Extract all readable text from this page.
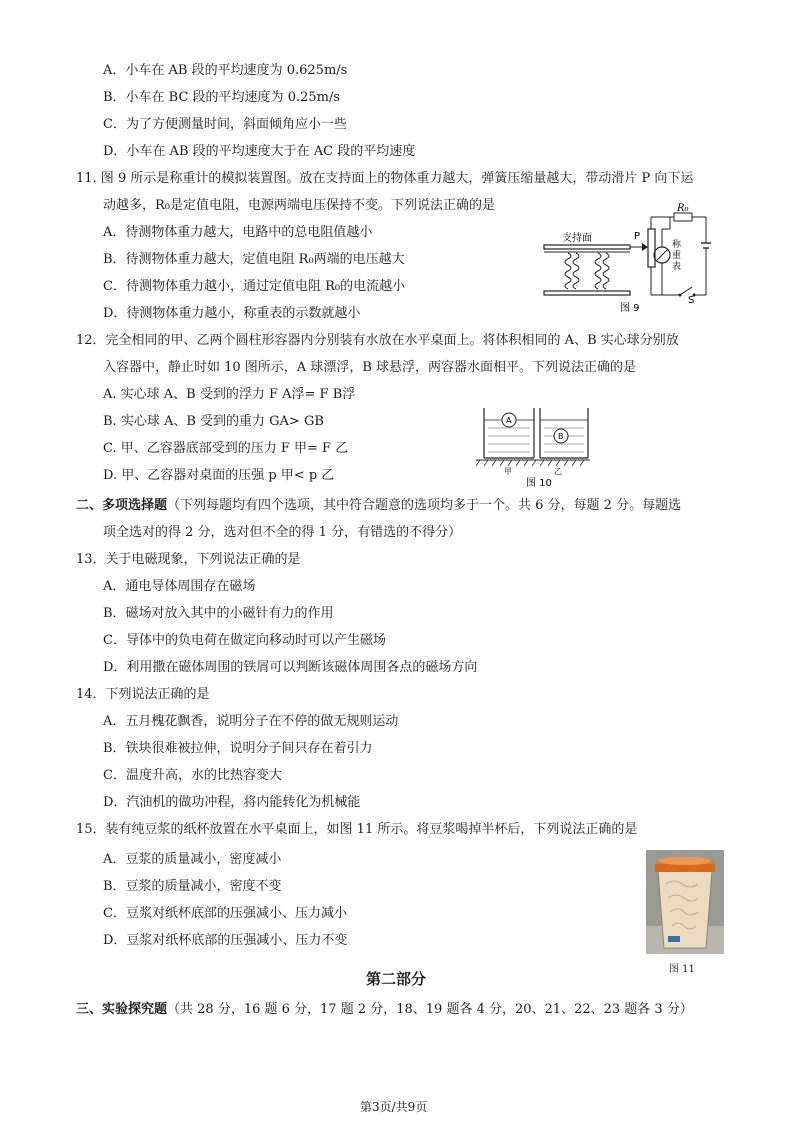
A．小车在 AB 段的平均速度为 0.625m/s
B．小车在 BC 段的平均速度为 0.25m/s
C．为了方便测量时间，斜面倾角应小一些
D．小车在 AB 段的平均速度大于在 AC 段的平均速度
11. 图 9 所示是称重计的模拟装置图。放在支持面上的物体重力越大，弹簧压缩量越大，带动滑片 P 向下运
动越多，R₀是定值电阻，电源两端电压保持不变。下列说法正确的是
A．待测物体重力越大，电路中的总电阻值越小
B．待测物体重力越大，定值电阻 R₀两端的电压越大
C．待测物体重力越小，通过定值电阻 R₀的电流越小
D．待测物体重力越小，称重表的示数就越小
支持面	P
R₀
称
重
表
S
图 9
12．完全相同的甲、乙两个圆柱形容器内分别装有水放在水平桌面上。将体积相同的 A、B 实心球分别放
入容器中，静止时如 10 图所示，A 球漂浮，B 球悬浮，两容器水面相平。下列说法正确的是
A. 实心球 A、B 受到的浮力 F A浮= F B浮
B. 实心球 A、B 受到的重力 GA> GB
C. 甲、乙容器底部受到的压力 F 甲= F 乙
D. 甲、乙容器对桌面的压强 p 甲< p 乙
A
B
甲	乙
图 10
二、多项选择题（下列每题均有四个选项，其中符合题意的选项均多于一个。共 6 分，每题 2 分。每题选
项全选对的得 2 分，选对但不全的得 1 分，有错选的不得分）
13．关于电磁现象，下列说法正确的是
A．通电导体周围存在磁场
B．磁场对放入其中的小磁针有力的作用
C．导体中的负电荷在做定向移动时可以产生磁场
D．利用撒在磁体周围的铁屑可以判断该磁体周围各点的磁场方向
14．下列说法正确的是
A．五月槐花飘香，说明分子在不停的做无规则运动
B．铁块很难被拉伸，说明分子间只存在着引力
C．温度升高，水的比热容变大
D．汽油机的做功冲程，将内能转化为机械能
15．装有纯豆浆的纸杯放置在水平桌面上，如图 11 所示。将豆浆喝掉半杯后，下列说法正确的是
A．豆浆的质量减小，密度减小
B．豆浆的质量减小，密度不变
C．豆浆对纸杯底部的压强减小、压力减小
D．豆浆对纸杯底部的压强减小、压力不变
图 11
第二部分
三、实验探究题（共 28 分，16 题 6 分，17 题 2 分，18、19 题各 4 分，20、21、22、23 题各 3 分）
第3页/共9页
